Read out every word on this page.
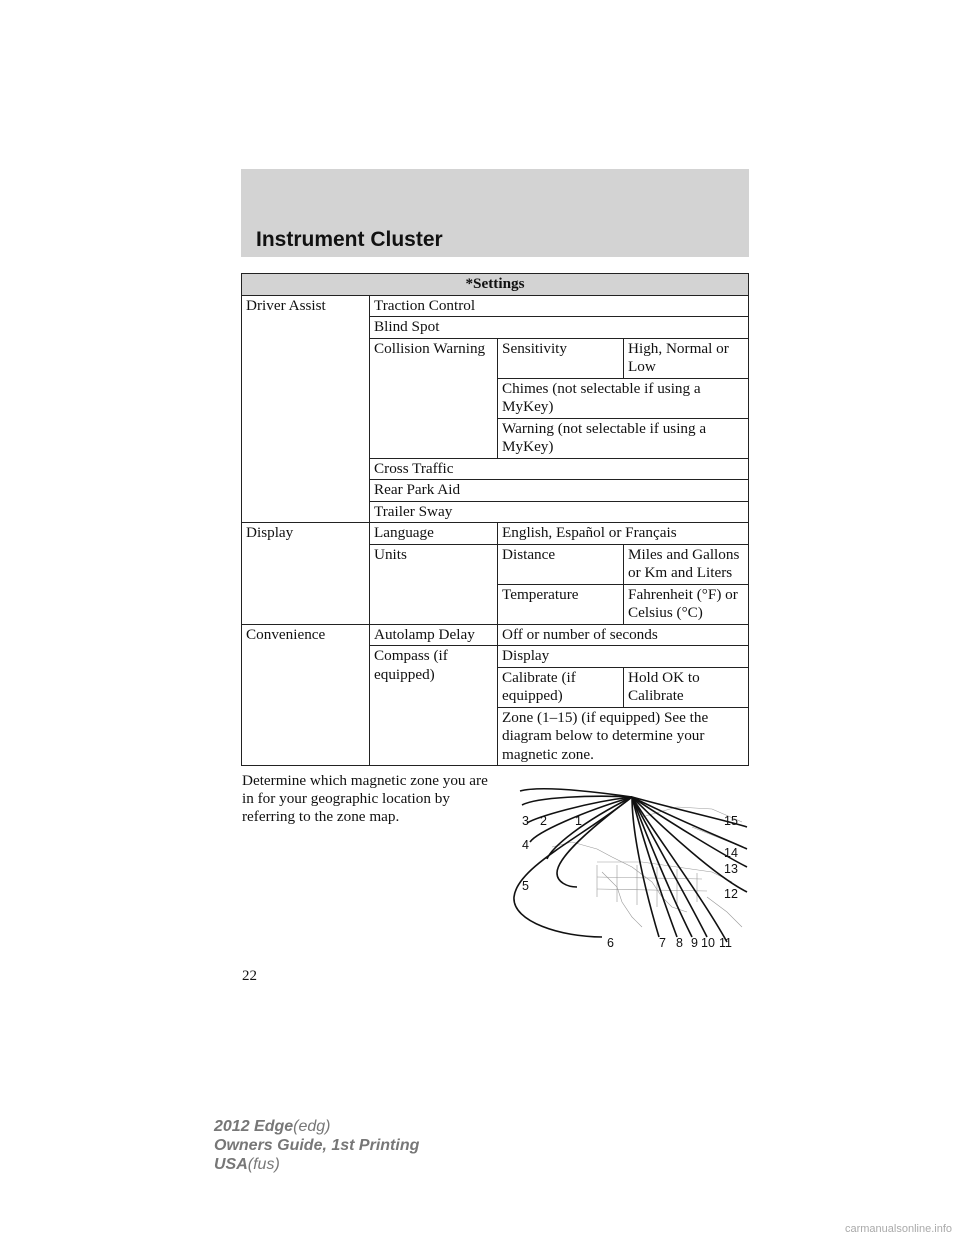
Instrument Cluster
*Settings			
Driver Assist	Traction Control		
	Blind Spot		
	Collision Warning	Sensitivity	High, Normal or Low
		Chimes (not selectable if using a MyKey)	
		Warning (not selectable if using a MyKey)	
	Cross Traffic		
	Rear Park Aid		
	Trailer Sway		
Display	Language	English, Español or Français	
	Units	Distance	Miles and Gallons or Km and Liters
		Temperature	Fahrenheit (°F) or Celsius (°C)
Convenience	Autolamp Delay	Off or number of seconds	
	Compass (if equipped)	Display	
		Calibrate (if equipped)	Hold OK to Calibrate
		Zone (1–15) (if equipped) See the diagram below to determine your magnetic zone.	
Determine which magnetic zone you are in for your geographic location by referring to the zone map.	3 2 1
4
5
6	7 8 9 10 11
12
13
14
15
22
2012 Edge(edg)
Owners Guide, 1st Printing
USA(fus)
carmanualsonline.info
